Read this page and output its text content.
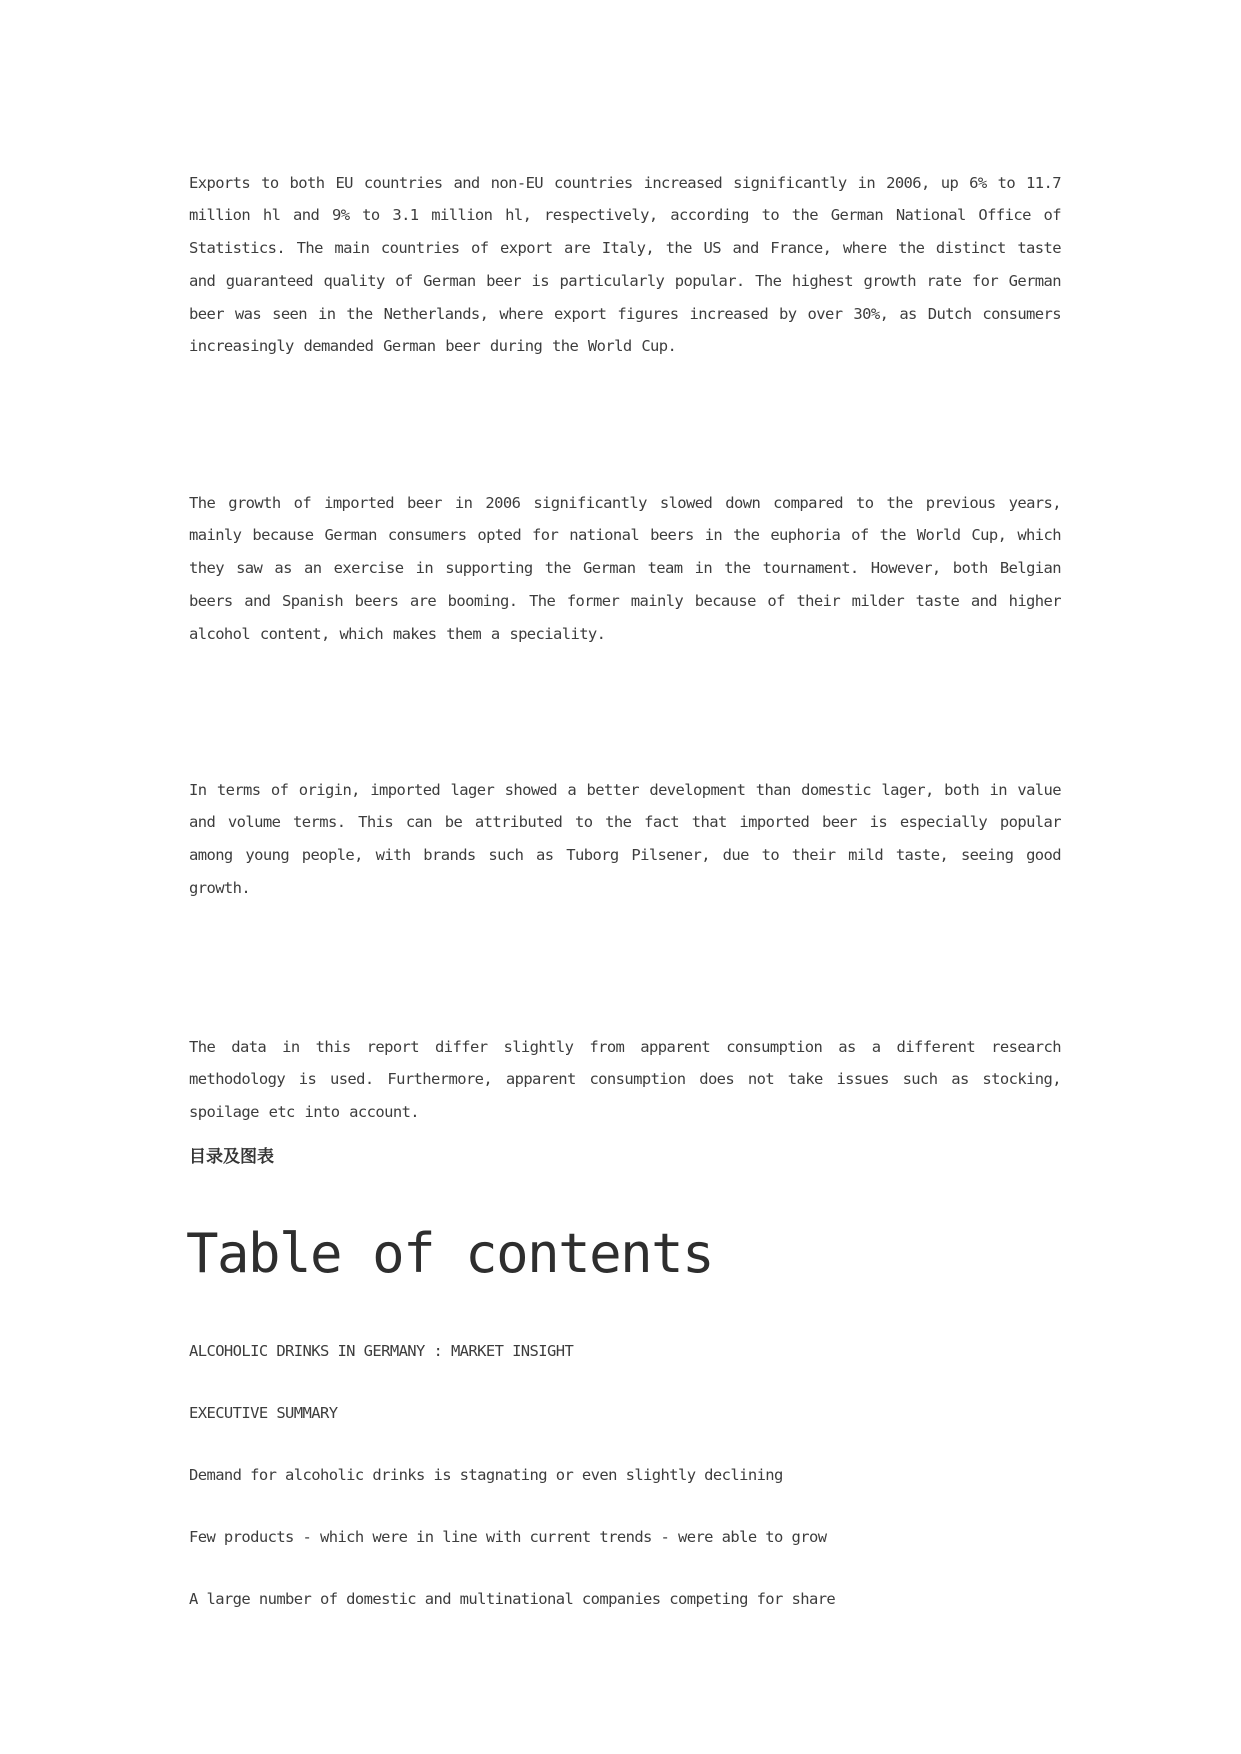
Exports to both EU countries and non-EU countries increased significantly in 2006, up 6% to 11.7 million hl and 9% to 3.1 million hl, respectively, according to the German National Office of Statistics. The main countries of export are Italy, the US and France, where the distinct taste and guaranteed quality of German beer is particularly popular. The highest growth rate for German beer was seen in the Netherlands, where export figures increased by over 30%, as Dutch consumers increasingly demanded German beer during the World Cup.

The growth of imported beer in 2006 significantly slowed down compared to the previous years, mainly because German consumers opted for national beers in the euphoria of the World Cup, which they saw as an exercise in supporting the German team in the tournament. However, both Belgian beers and Spanish beers are booming. The former mainly because of their milder taste and higher alcohol content, which makes them a speciality.

In terms of origin, imported lager showed a better development than domestic lager, both in value and volume terms. This can be attributed to the fact that imported beer is especially popular among young people, with brands such as Tuborg Pilsener, due to their mild taste, seeing good growth.

The data in this report differ slightly from apparent consumption as a different research methodology is used. Furthermore, apparent consumption does not take issues such as stocking, spoilage etc into account.

目录及图表
Table of contents
ALCOHOLIC DRINKS IN GERMANY : MARKET INSIGHT
EXECUTIVE SUMMARY
Demand for alcoholic drinks is stagnating or even slightly declining
Few products - which were in line with current trends - were able to grow
A large number of domestic and multinational companies competing for share
